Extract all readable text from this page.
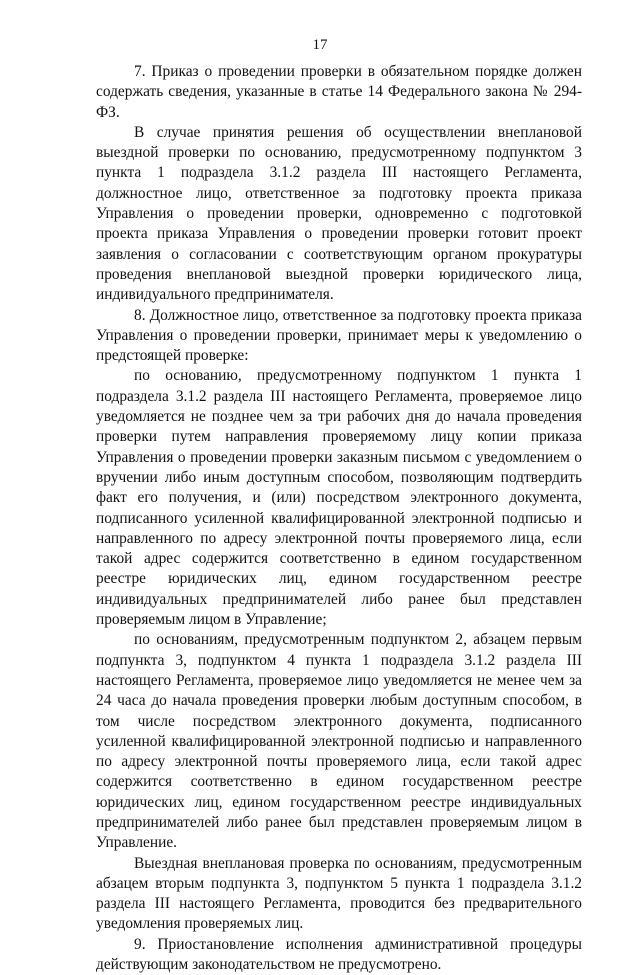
17

7. Приказ о проведении проверки в обязательном порядке должен содержать сведения, указанные в статье 14 Федерального закона № 294-ФЗ.

В случае принятия решения об осуществлении внеплановой выездной проверки по основанию, предусмотренному подпунктом 3 пункта 1 подраздела 3.1.2 раздела III настоящего Регламента, должностное лицо, ответственное за подготовку проекта приказа Управления о проведении проверки, одновременно с подготовкой проекта приказа Управления о проведении проверки готовит проект заявления о согласовании с соответствующим органом прокуратуры проведения внеплановой выездной проверки юридического лица, индивидуального предпринимателя.

8. Должностное лицо, ответственное за подготовку проекта приказа Управления о проведении проверки, принимает меры к уведомлению о предстоящей проверке:

по основанию, предусмотренному подпунктом 1 пункта 1 подраздела 3.1.2 раздела III настоящего Регламента, проверяемое лицо уведомляется не позднее чем за три рабочих дня до начала проведения проверки путем направления проверяемому лицу копии приказа Управления о проведении проверки заказным письмом с уведомлением о вручении либо иным доступным способом, позволяющим подтвердить факт его получения, и (или) посредством электронного документа, подписанного усиленной квалифицированной электронной подписью и направленного по адресу электронной почты проверяемого лица, если такой адрес содержится соответственно в едином государственном реестре юридических лиц, едином государственном реестре индивидуальных предпринимателей либо ранее был представлен проверяемым лицом в Управление;

по основаниям, предусмотренным подпунктом 2, абзацем первым подпункта 3, подпунктом 4 пункта 1 подраздела 3.1.2 раздела III настоящего Регламента, проверяемое лицо уведомляется не менее чем за 24 часа до начала проведения проверки любым доступным способом, в том числе посредством электронного документа, подписанного усиленной квалифицированной электронной подписью и направленного по адресу электронной почты проверяемого лица, если такой адрес содержится соответственно в едином государственном реестре юридических лиц, едином государственном реестре индивидуальных предпринимателей либо ранее был представлен проверяемым лицом в Управление.

Выездная внеплановая проверка по основаниям, предусмотренным абзацем вторым подпункта 3, подпунктом 5 пункта 1 подраздела 3.1.2 раздела III настоящего Регламента, проводится без предварительного уведомления проверяемых лиц.

9. Приостановление исполнения административной процедуры действующим законодательством не предусмотрено.
